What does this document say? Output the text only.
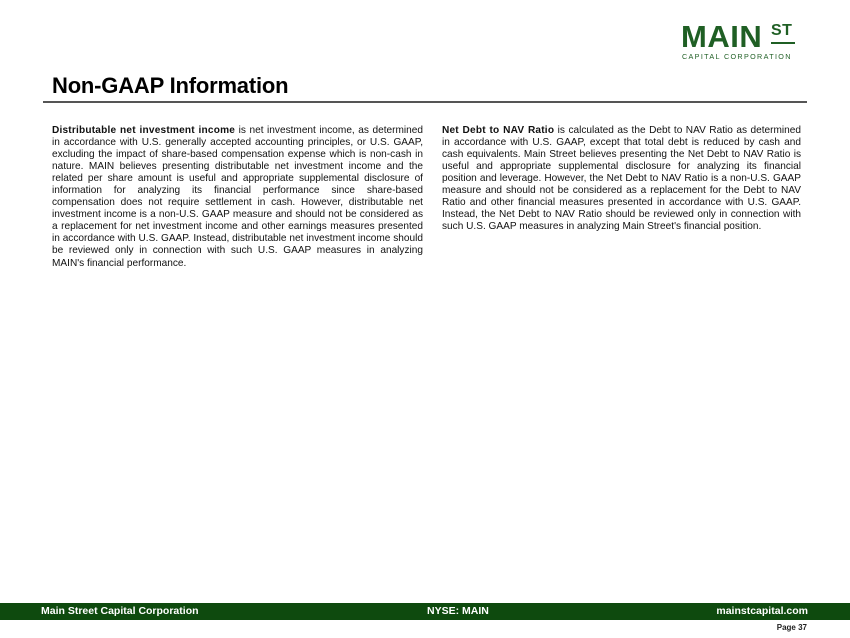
MAIN ST
CAPITAL CORPORATION
Non-GAAP Information

Distributable net investment income is net investment income, as determined in accordance with U.S. generally accepted accounting principles, or U.S. GAAP, excluding the impact of share-based compensation expense which is non-cash in nature. MAIN believes presenting distributable net investment income and the related per share amount is useful and appropriate supplemental disclosure of information for analyzing its financial performance since share-based compensation does not require settlement in cash. However, distributable net investment income is a non-U.S. GAAP measure and should not be considered as a replacement for net investment income and other earnings measures presented in accordance with U.S. GAAP. Instead, distributable net investment income should be reviewed only in connection with such U.S. GAAP measures in analyzing MAIN's financial performance.

Net Debt to NAV Ratio is calculated as the Debt to NAV Ratio as determined in accordance with U.S. GAAP, except that total debt is reduced by cash and cash equivalents. Main Street believes presenting the Net Debt to NAV Ratio is useful and appropriate supplemental disclosure for analyzing its financial position and leverage. However, the Net Debt to NAV Ratio is a non-U.S. GAAP measure and should not be considered as a replacement for the Debt to NAV Ratio and other financial measures presented in accordance with U.S. GAAP. Instead, the Net Debt to NAV Ratio should be reviewed only in connection with such U.S. GAAP measures in analyzing Main Street's financial position.

Main Street Capital Corporation	NYSE: MAIN	mainstcapital.com
Page 37
